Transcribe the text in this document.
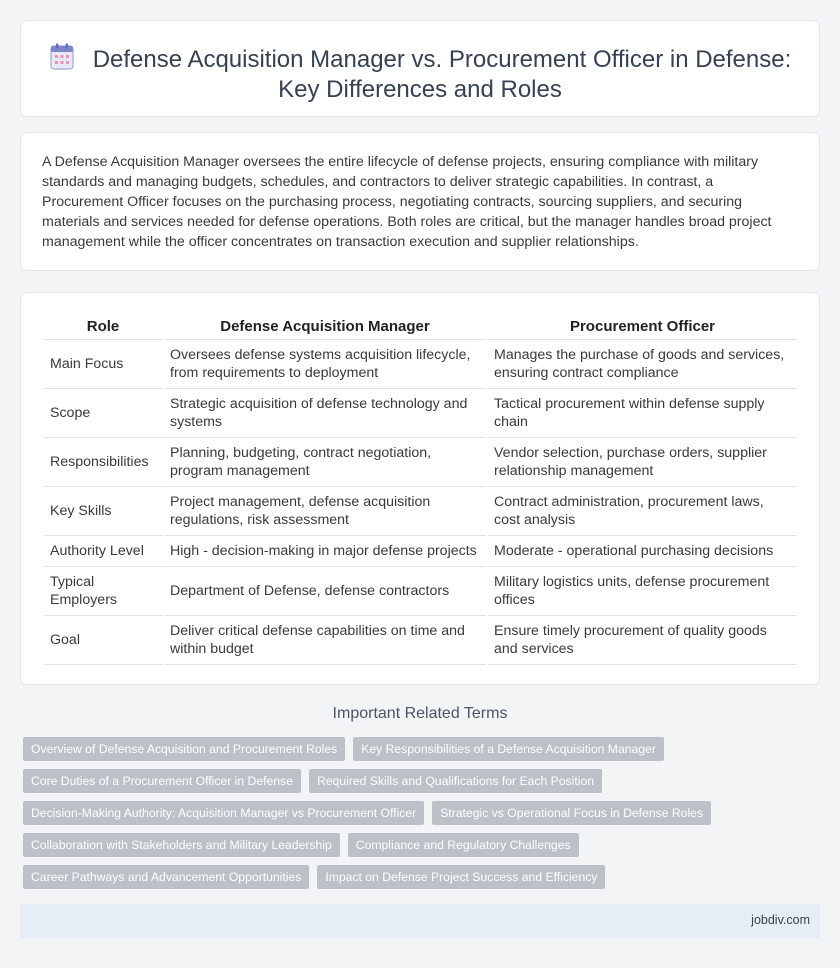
Defense Acquisition Manager vs. Procurement Officer in Defense: Key Differences and Roles

A Defense Acquisition Manager oversees the entire lifecycle of defense projects, ensuring compliance with military standards and managing budgets, schedules, and contractors to deliver strategic capabilities. In contrast, a Procurement Officer focuses on the purchasing process, negotiating contracts, sourcing suppliers, and securing materials and services needed for defense operations. Both roles are critical, but the manager handles broad project management while the officer concentrates on transaction execution and supplier relationships.

Role	Defense Acquisition Manager	Procurement Officer
Main Focus	Oversees defense systems acquisition lifecycle, from requirements to deployment	Manages the purchase of goods and services, ensuring contract compliance
Scope	Strategic acquisition of defense technology and systems	Tactical procurement within defense supply chain
Responsibilities	Planning, budgeting, contract negotiation, program management	Vendor selection, purchase orders, supplier relationship management
Key Skills	Project management, defense acquisition regulations, risk assessment	Contract administration, procurement laws, cost analysis
Authority Level	High - decision-making in major defense projects	Moderate - operational purchasing decisions
Typical Employers	Department of Defense, defense contractors	Military logistics units, defense procurement offices
Goal	Deliver critical defense capabilities on time and within budget	Ensure timely procurement of quality goods and services
Important Related Terms
Overview of Defense Acquisition and Procurement Roles	Key Responsibilities of a Defense Acquisition Manager
Core Duties of a Procurement Officer in Defense	Required Skills and Qualifications for Each Position
Decision-Making Authority: Acquisition Manager vs Procurement Officer	Strategic vs Operational Focus in Defense Roles
Collaboration with Stakeholders and Military Leadership	Compliance and Regulatory Challenges
Career Pathways and Advancement Opportunities	Impact on Defense Project Success and Efficiency
jobdiv.com
